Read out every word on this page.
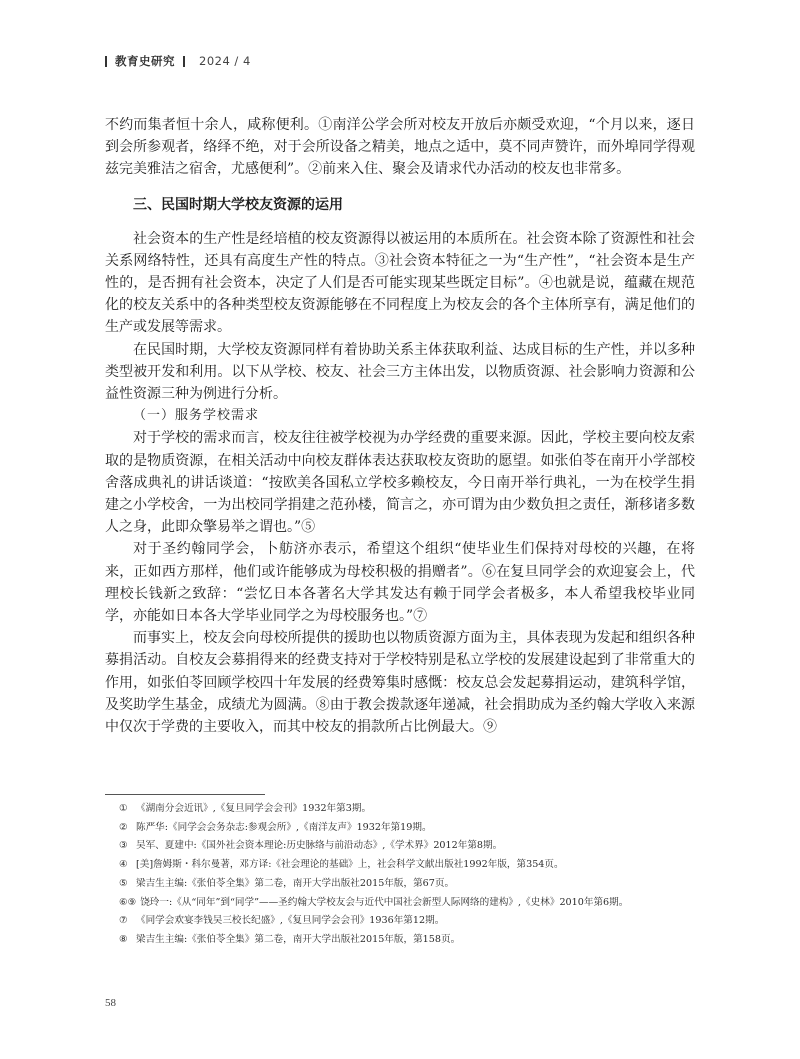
教育史研究 2024 / 4

不约而集者恒十余人，咸称便利。①南洋公学会所对校友开放后亦颇受欢迎，“个月以来，逐日到会所参观者，络绎不绝，对于会所设备之精美，地点之适中，莫不同声赞许，而外埠同学得观兹完美雅洁之宿舍，尤感便利”。②前来入住、聚会及请求代办活动的校友也非常多。

三、民国时期大学校友资源的运用

社会资本的生产性是经培植的校友资源得以被运用的本质所在。社会资本除了资源性和社会关系网络特性，还具有高度生产性的特点。③社会资本特征之一为“生产性”，“社会资本是生产性的，是否拥有社会资本，决定了人们是否可能实现某些既定目标”。④也就是说，蕴藏在规范化的校友关系中的各种类型校友资源能够在不同程度上为校友会的各个主体所享有，满足他们的生产或发展等需求。

在民国时期，大学校友资源同样有着协助关系主体获取利益、达成目标的生产性，并以多种类型被开发和利用。以下从学校、校友、社会三方主体出发，以物质资源、社会影响力资源和公益性资源三种为例进行分析。

（一）服务学校需求

对于学校的需求而言，校友往往被学校视为办学经费的重要来源。因此，学校主要向校友索取的是物质资源，在相关活动中向校友群体表达获取校友资助的愿望。如张伯苓在南开小学部校舍落成典礼的讲话谈道：“按欧美各国私立学校多赖校友，今日南开举行典礼，一为在校学生捐建之小学校舍，一为出校同学捐建之范孙楼，简言之，亦可谓为由少数负担之责任，渐移诸多数人之身，此即众擎易举之谓也。”⑤

对于圣约翰同学会，卜舫济亦表示，希望这个组织“使毕业生们保持对母校的兴趣，在将来，正如西方那样，他们或许能够成为母校积极的捐赠者”。⑥在复旦同学会的欢迎宴会上，代理校长钱新之致辞：“尝忆日本各著名大学其发达有赖于同学会者极多，本人希望我校毕业同学，亦能如日本各大学毕业同学之为母校服务也。”⑦

而事实上，校友会向母校所提供的援助也以物质资源方面为主，具体表现为发起和组织各种募捐活动。自校友会募捐得来的经费支持对于学校特别是私立学校的发展建设起到了非常重大的作用，如张伯苓回顾学校四十年发展的经费筹集时感慨：校友总会发起募捐运动，建筑科学馆，及奖助学生基金，成绩尤为圆满。⑧由于教会拨款逐年递减，社会捐助成为圣约翰大学收入来源中仅次于学费的主要收入，而其中校友的捐款所占比例最大。⑨

① 《湖南分会近讯》,《复旦同学会会刊》1932年第3期。

② 陈严华:《同学会会务杂志:参观会所》,《南洋友声》1932年第19期。

③ 吴军、夏建中:《国外社会资本理论:历史脉络与前沿动态》,《学术界》2012年第8期。

④ [美]詹姆斯・科尔曼著，邓方译:《社会理论的基础》上，社会科学文献出版社1992年版，第354页。

⑤ 梁吉生主编:《张伯苓全集》第二卷，南开大学出版社2015年版，第67页。

⑥⑨ 饶玲一:《从“同年”到“同学”——圣约翰大学校友会与近代中国社会新型人际网络的建构》,《史林》2010年第6期。

⑦ 《同学会欢宴李钱吴三校长纪盛》,《复旦同学会会刊》1936年第12期。

⑧ 梁吉生主编:《张伯苓全集》第二卷，南开大学出版社2015年版，第158页。

58
